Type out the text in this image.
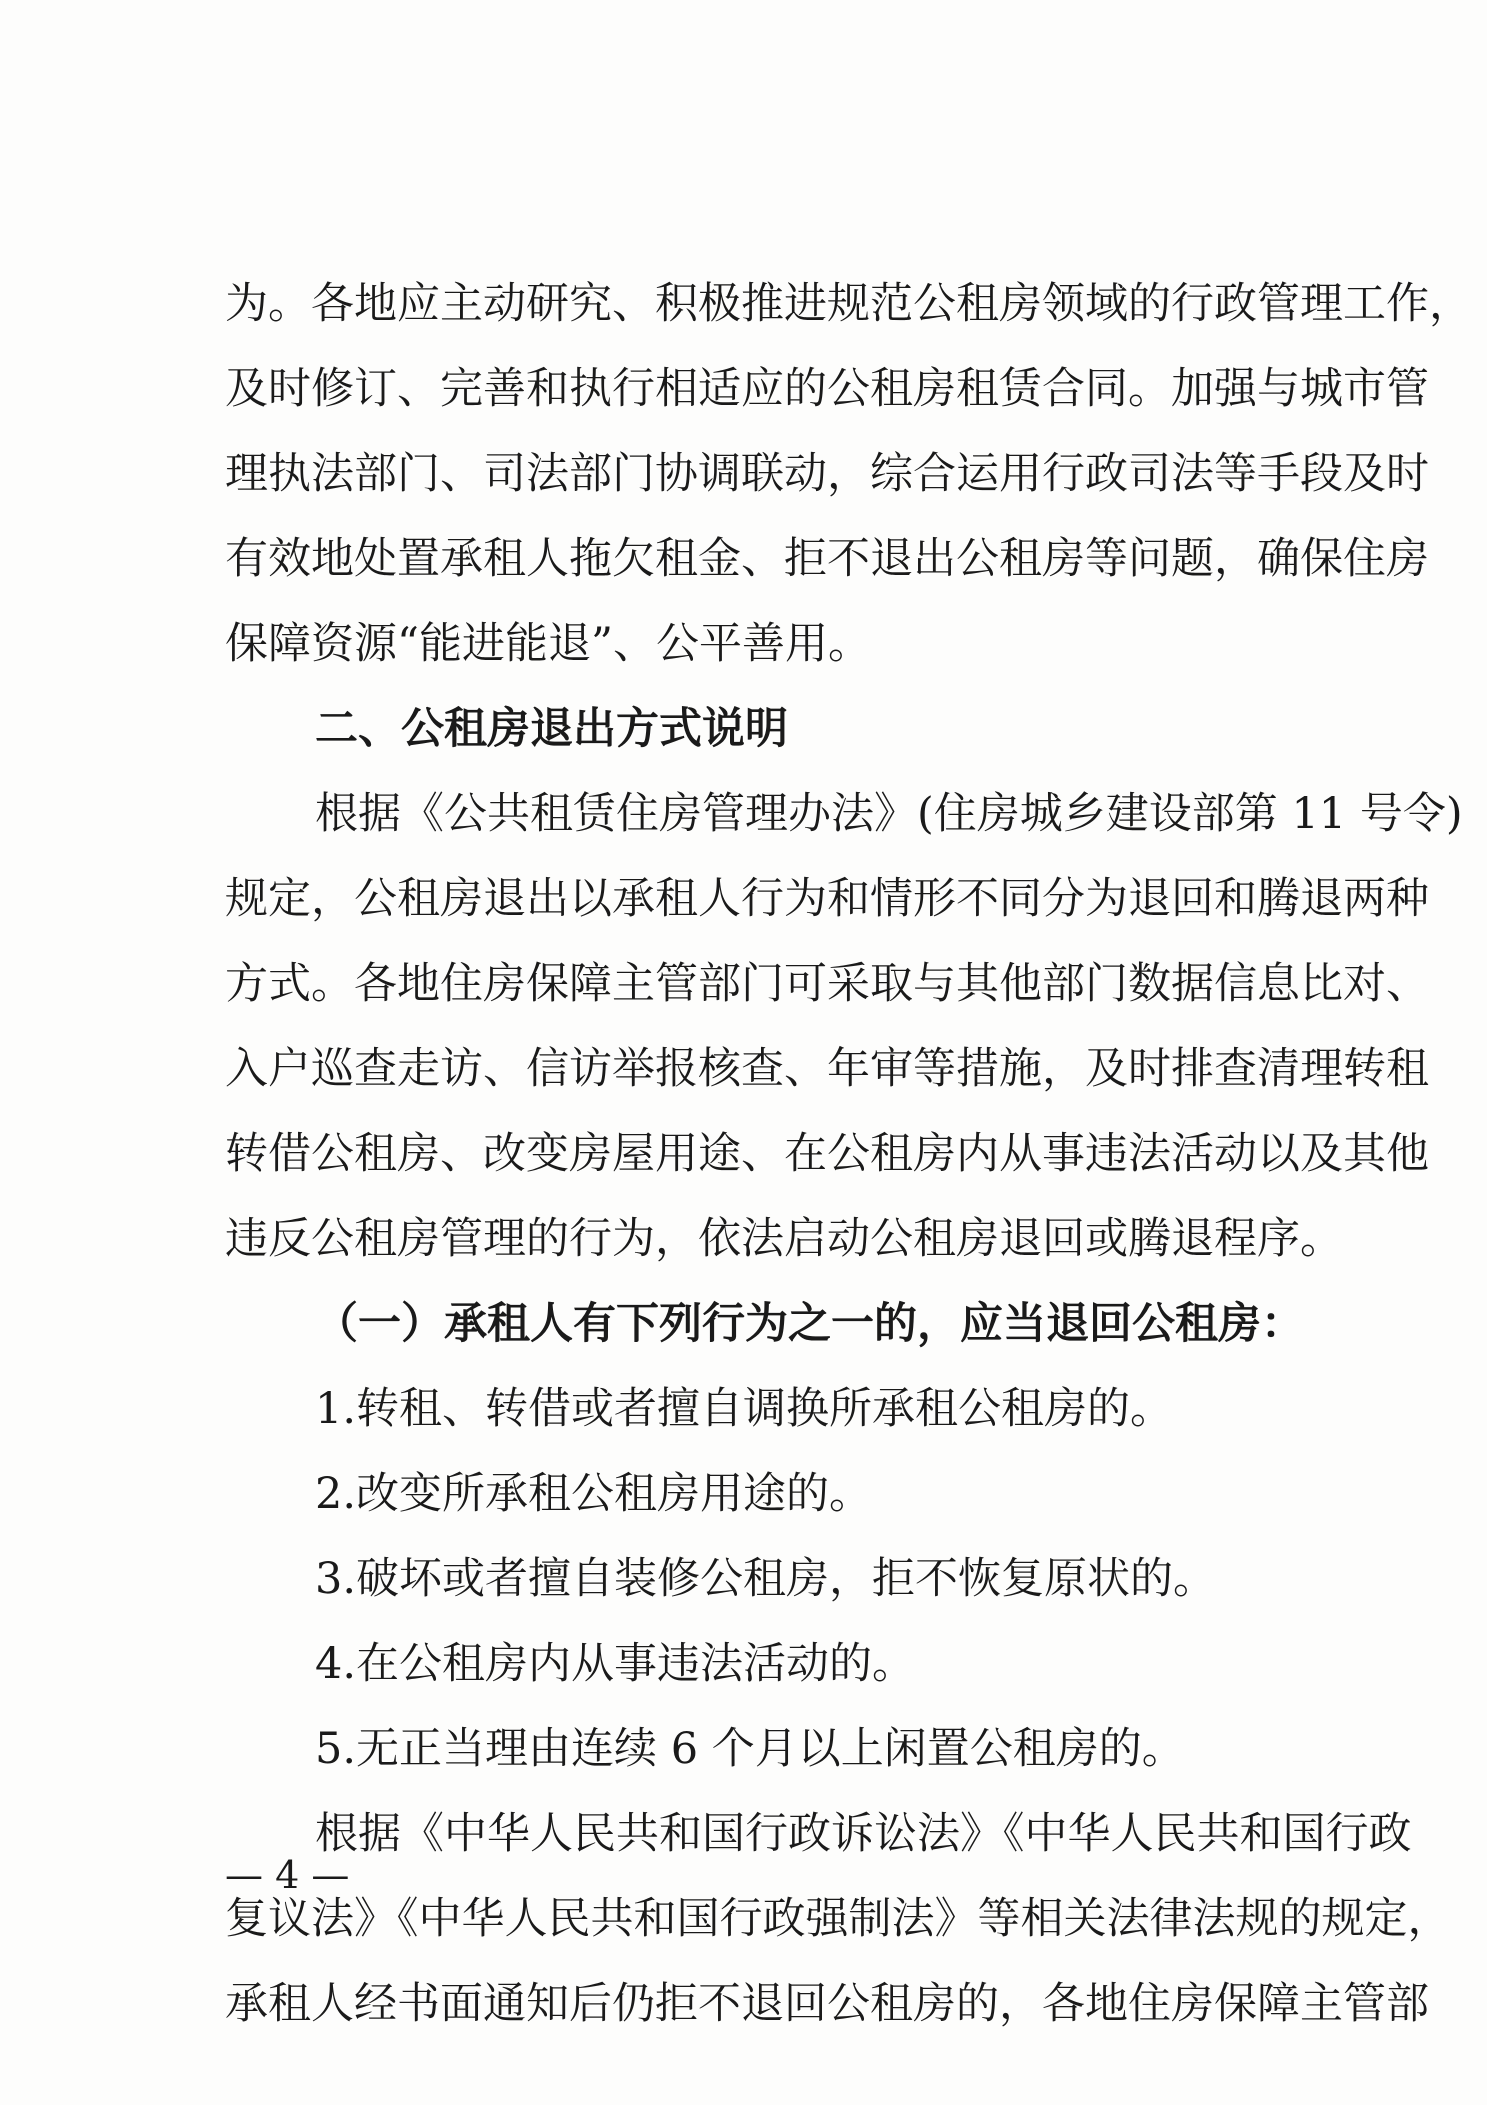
为。各地应主动研究、积极推进规范公租房领域的行政管理工作，
及时修订、完善和执行相适应的公租房租赁合同。加强与城市管
理执法部门、司法部门协调联动，综合运用行政司法等手段及时
有效地处置承租人拖欠租金、拒不退出公租房等问题，确保住房
保障资源“能进能退”、公平善用。
二、公租房退出方式说明
根据《公共租赁住房管理办法》(住房城乡建设部第 11 号令)
规定，公租房退出以承租人行为和情形不同分为退回和腾退两种
方式。各地住房保障主管部门可采取与其他部门数据信息比对、
入户巡查走访、信访举报核查、年审等措施，及时排查清理转租
转借公租房、改变房屋用途、在公租房内从事违法活动以及其他
违反公租房管理的行为，依法启动公租房退回或腾退程序。
（一）承租人有下列行为之一的，应当退回公租房：
1.转租、转借或者擅自调换所承租公租房的。
2.改变所承租公租房用途的。
3.破坏或者擅自装修公租房，拒不恢复原状的。
4.在公租房内从事违法活动的。
5.无正当理由连续 6 个月以上闲置公租房的。
根据《中华人民共和国行政诉讼法》《中华人民共和国行政
复议法》《中华人民共和国行政强制法》等相关法律法规的规定，
承租人经书面通知后仍拒不退回公租房的，各地住房保障主管部
— 4 —
